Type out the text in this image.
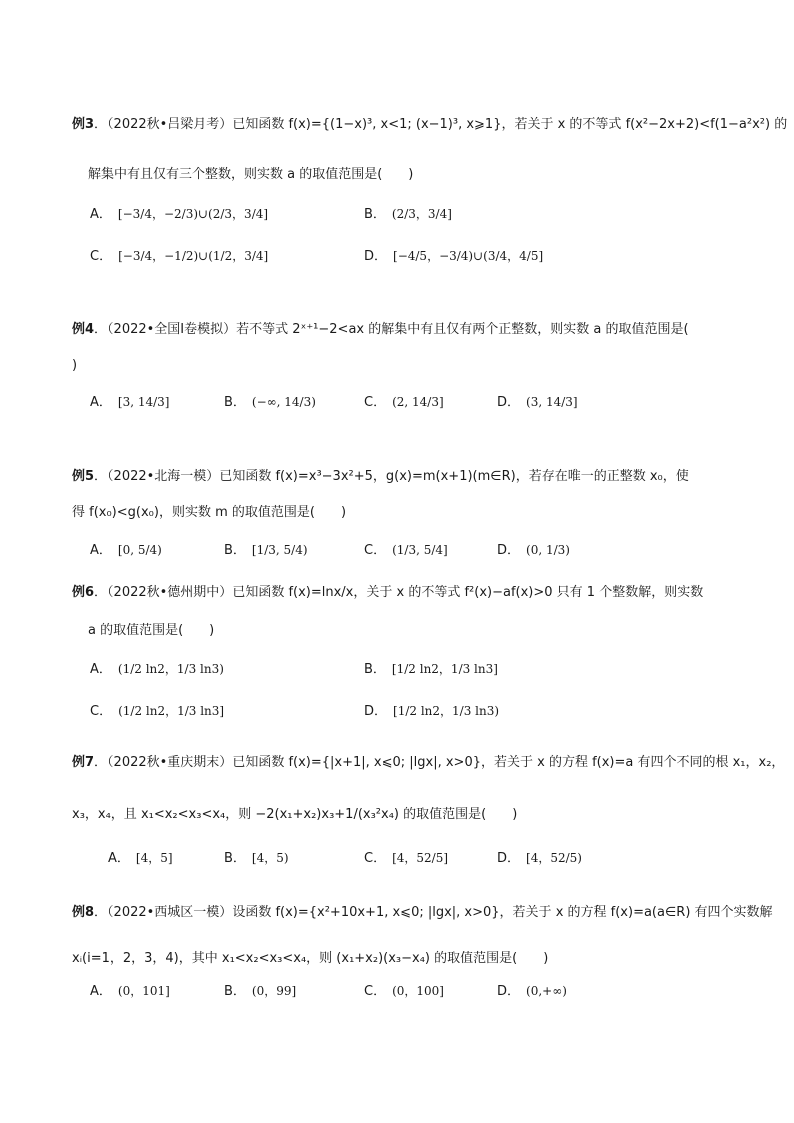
例3．（2022秋•吕梁月考）已知函数 f(x)={(1−x)³, x<1; (x−1)³, x⩾1}，若关于 x 的不等式 f(x²−2x+2)<f(1−a²x²) 的
解集中有且仅有三个整数，则实数 a 的取值范围是(　　)
A． [−3/4，−2/3)∪(2/3，3/4]	B． (2/3，3/4]
C． [−3/4，−1/2)∪(1/2，3/4]	D． [−4/5，−3/4)∪(3/4，4/5]
例4．（2022•全国Ⅰ卷模拟）若不等式 2ˣ⁺¹−2<ax 的解集中有且仅有两个正整数，则实数 a 的取值范围是(
)
A． [3, 14/3]	B． (−∞, 14/3)	C． (2, 14/3]	D． (3, 14/3]
例5．（2022•北海一模）已知函数 f(x)=x³−3x²+5，g(x)=m(x+1)(m∈R)，若存在唯一的正整数 x₀，使
得 f(x₀)<g(x₀)，则实数 m 的取值范围是(　　)
A． [0, 5/4)	B． [1/3, 5/4)	C． (1/3, 5/4]	D． (0, 1/3)
例6．（2022秋•德州期中）已知函数 f(x)=lnx/x，关于 x 的不等式 f²(x)−af(x)>0 只有 1 个整数解，则实数
a 的取值范围是(　　)
A． (1/2 ln2，1/3 ln3)	B． [1/2 ln2，1/3 ln3]
C． (1/2 ln2，1/3 ln3]	D． [1/2 ln2，1/3 ln3)
例7．（2022秋•重庆期末）已知函数 f(x)={|x+1|, x⩽0; |lgx|, x>0}，若关于 x 的方程 f(x)=a 有四个不同的根 x₁，x₂，
x₃，x₄，且 x₁<x₂<x₃<x₄，则 −2(x₁+x₂)x₃+1/(x₃²x₄) 的取值范围是(　　)
A． [4，5]	B． [4，5)	C． [4，52/5]	D． [4，52/5)
例8．（2022•西城区一模）设函数 f(x)={x²+10x+1, x⩽0; |lgx|, x>0}，若关于 x 的方程 f(x)=a(a∈R) 有四个实数解
xᵢ(i=1，2，3，4)，其中 x₁<x₂<x₃<x₄，则 (x₁+x₂)(x₃−x₄) 的取值范围是(　　)
A． (0，101]	B． (0，99]	C． (0，100]	D． (0,+∞)
